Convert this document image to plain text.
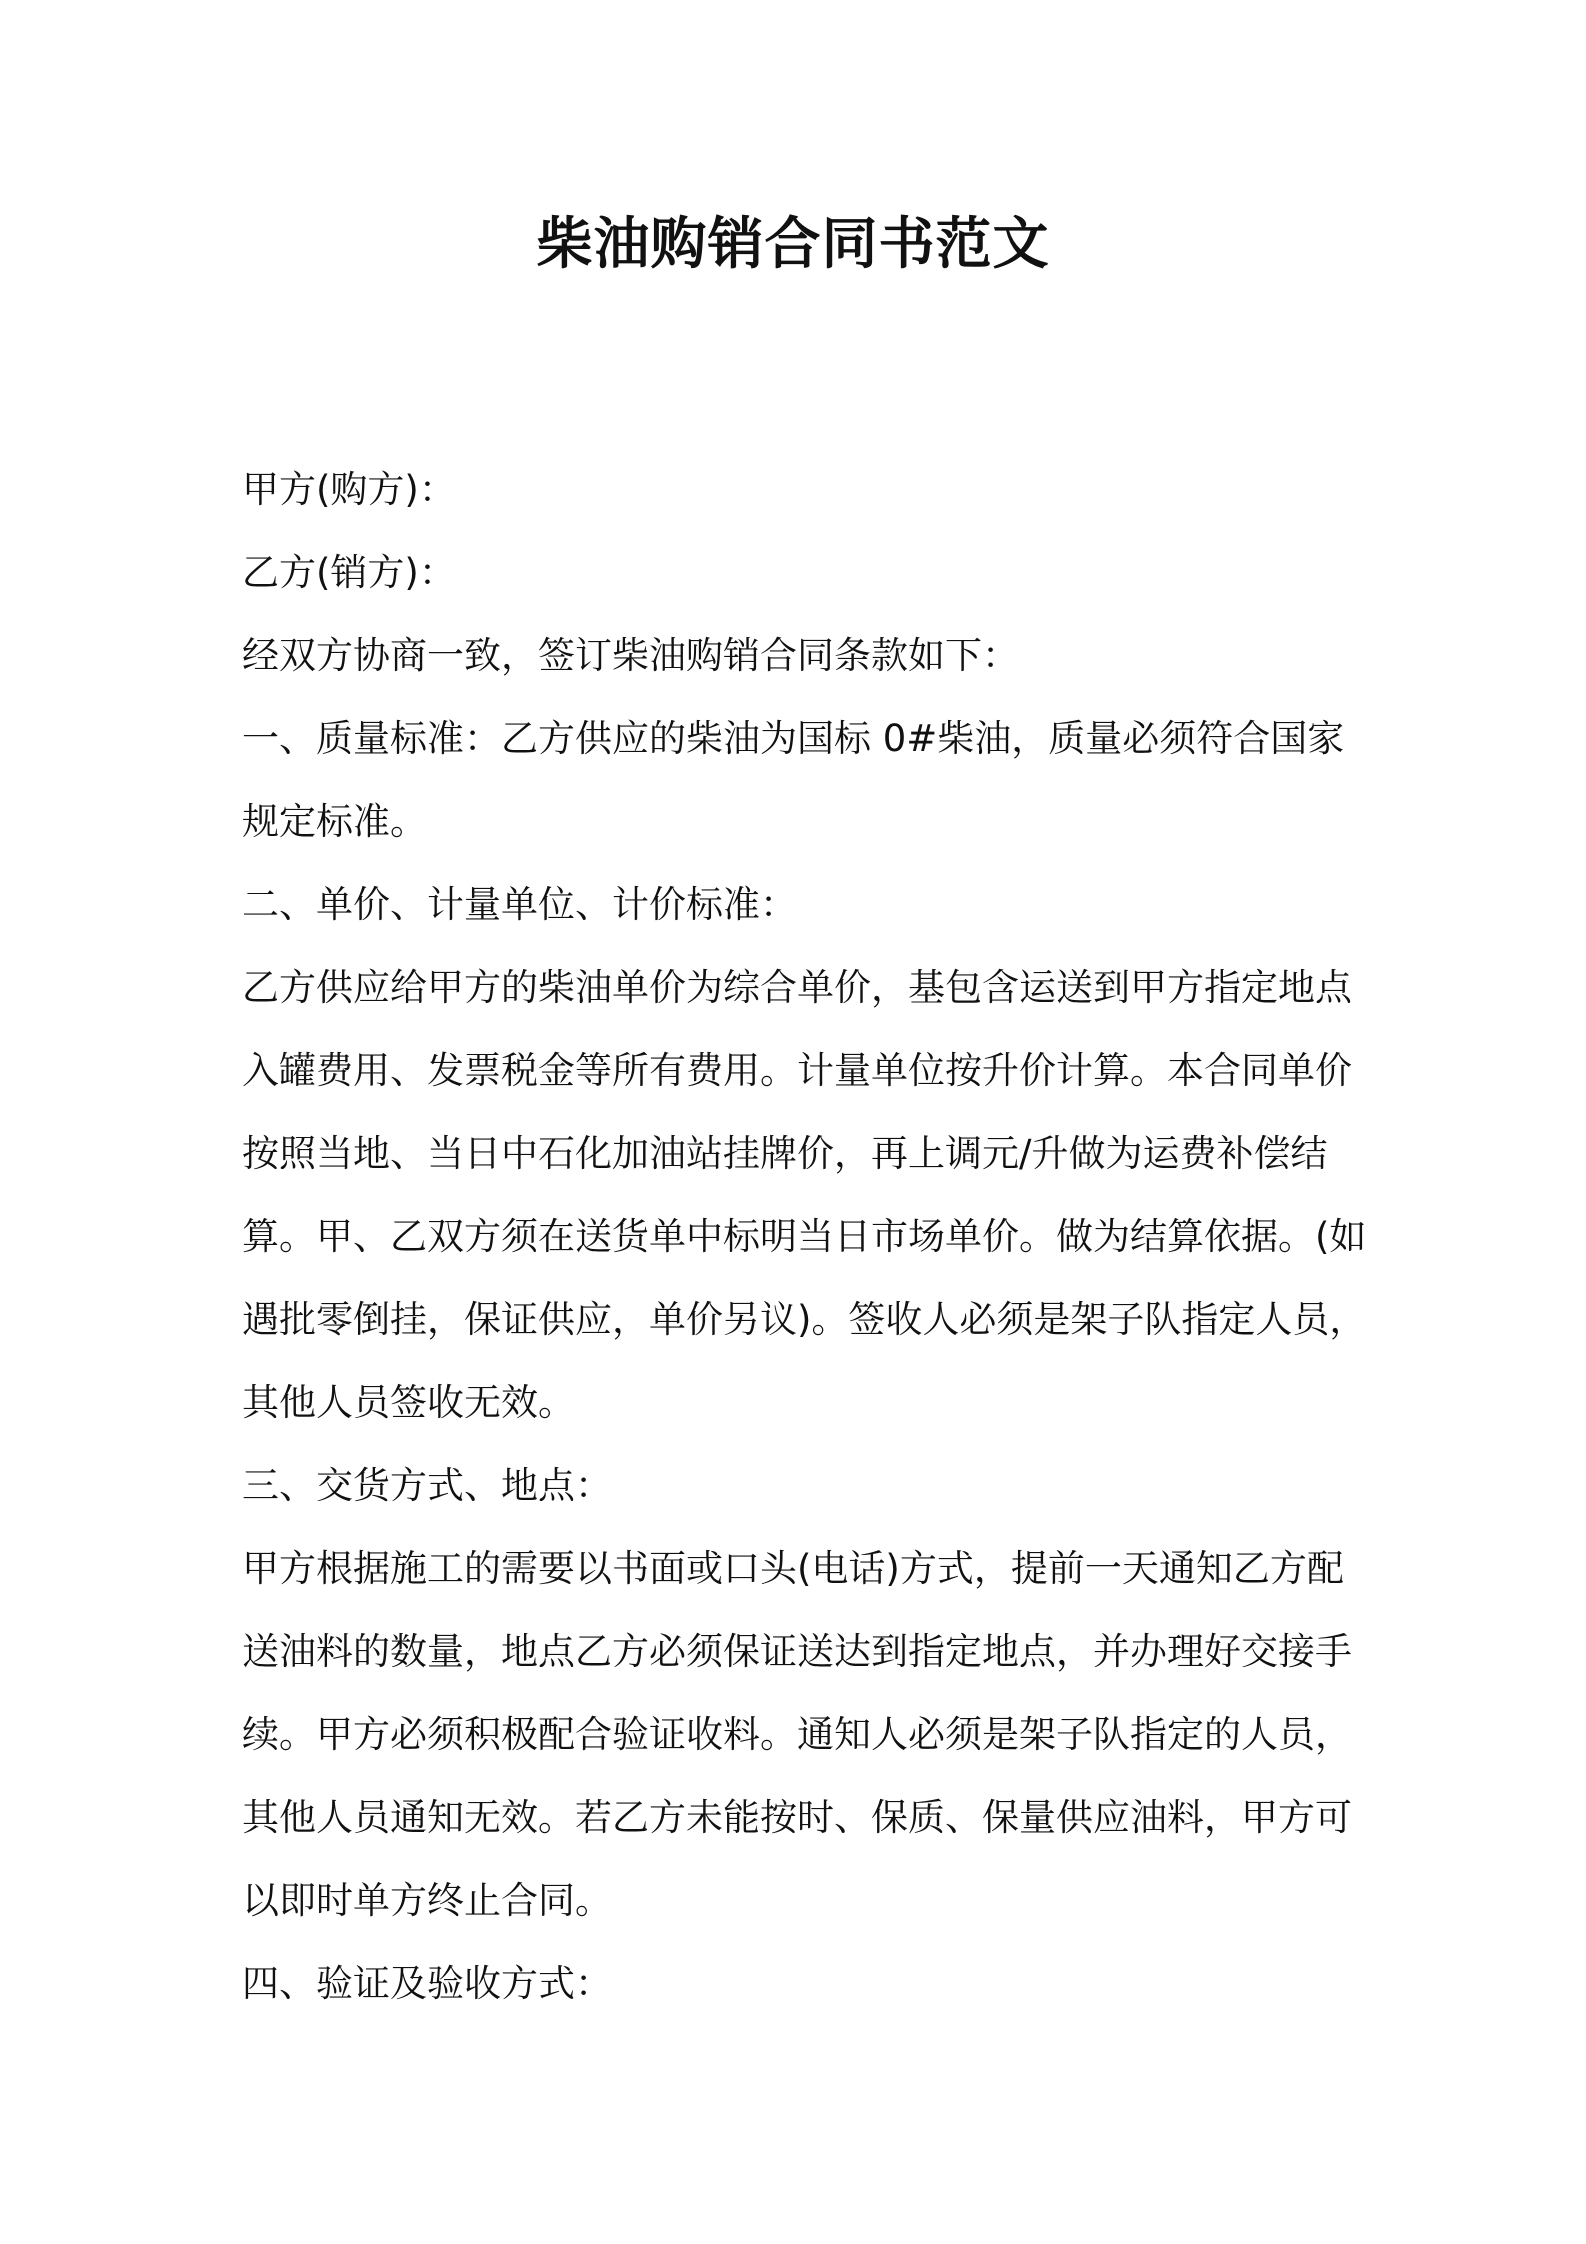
柴油购销合同书范文
甲方(购方)：
乙方(销方)：
经双方协商一致，签订柴油购销合同条款如下：
一、质量标准：乙方供应的柴油为国标 0#柴油，质量必须符合国家
规定标准。
二、单价、计量单位、计价标准：
乙方供应给甲方的柴油单价为综合单价，基包含运送到甲方指定地点
入罐费用、发票税金等所有费用。计量单位按升价计算。本合同单价
按照当地、当日中石化加油站挂牌价，再上调元/升做为运费补偿结
算。甲、乙双方须在送货单中标明当日市场单价。做为结算依据。(如
遇批零倒挂，保证供应，单价另议)。签收人必须是架子队指定人员，
其他人员签收无效。
三、交货方式、地点：
甲方根据施工的需要以书面或口头(电话)方式，提前一天通知乙方配
送油料的数量，地点乙方必须保证送达到指定地点，并办理好交接手
续。甲方必须积极配合验证收料。通知人必须是架子队指定的人员，
其他人员通知无效。若乙方未能按时、保质、保量供应油料，甲方可
以即时单方终止合同。
四、验证及验收方式：
